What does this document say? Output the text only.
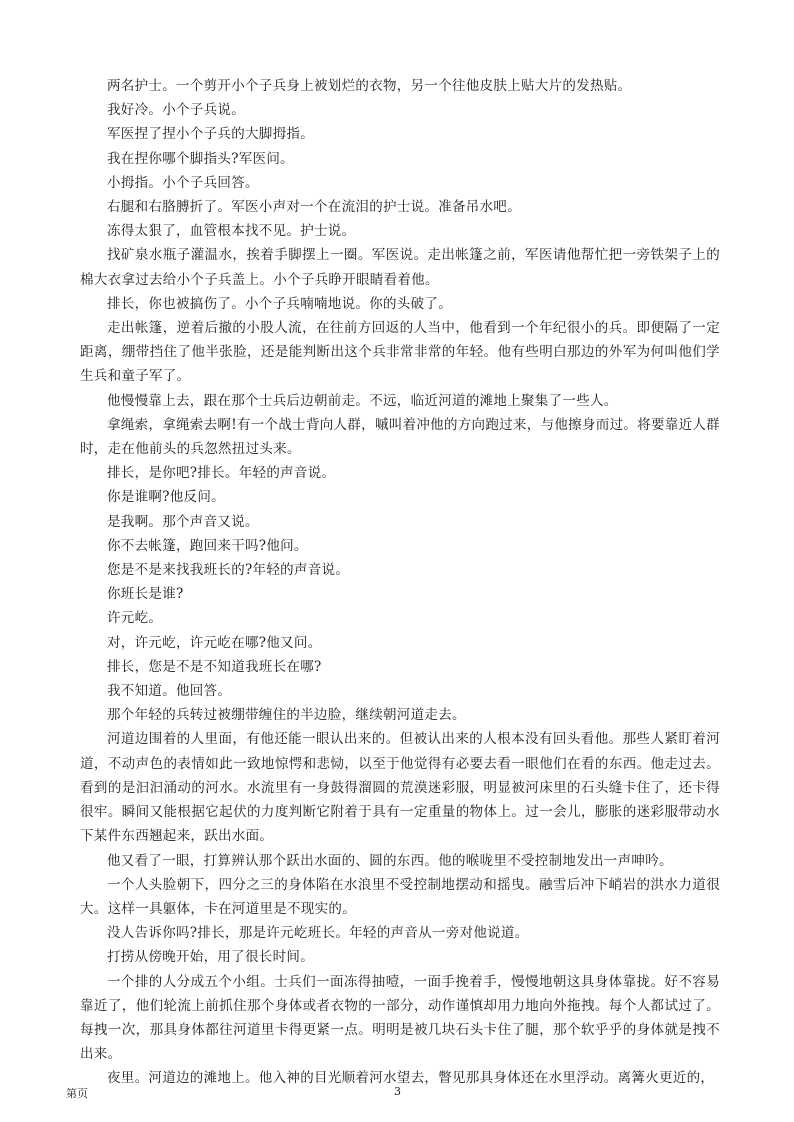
两名护士。一个剪开小个子兵身上被划烂的衣物，另一个往他皮肤上贴大片的发热贴。

我好冷。小个子兵说。

军医捏了捏小个子兵的大脚拇指。

我在捏你哪个脚指头?军医问。

小拇指。小个子兵回答。

右腿和右胳膊折了。军医小声对一个在流泪的护士说。准备吊水吧。

冻得太狠了，血管根本找不见。护士说。

找矿泉水瓶子灌温水，挨着手脚摆上一圈。军医说。走出帐篷之前，军医请他帮忙把一旁铁架子上的棉大衣拿过去给小个子兵盖上。小个子兵睁开眼睛看着他。

排长，你也被搞伤了。小个子兵喃喃地说。你的头破了。

走出帐篷，逆着后撤的小股人流，在往前方回返的人当中，他看到一个年纪很小的兵。即便隔了一定距离，绷带挡住了他半张脸，还是能判断出这个兵非常非常的年轻。他有些明白那边的外军为何叫他们学生兵和童子军了。

他慢慢靠上去，跟在那个士兵后边朝前走。不远，临近河道的滩地上聚集了一些人。

拿绳索，拿绳索去啊!有一个战士背向人群，嘁叫着冲他的方向跑过来，与他擦身而过。将要靠近人群时，走在他前头的兵忽然扭过头来。

排长，是你吧?排长。年轻的声音说。

你是谁啊?他反问。

是我啊。那个声音又说。

你不去帐篷，跑回来干吗?他问。

您是不是来找我班长的?年轻的声音说。

你班长是谁?

许元屹。

对，许元屹，许元屹在哪?他又问。

排长，您是不是不知道我班长在哪?

我不知道。他回答。

那个年轻的兵转过被绷带缠住的半边脸，继续朝河道走去。

河道边围着的人里面，有他还能一眼认出来的。但被认出来的人根本没有回头看他。那些人紧盯着河道，不动声色的表情如此一致地惊愕和悲恸，以至于他觉得有必要去看一眼他们在看的东西。他走过去。看到的是汩汩涌动的河水。水流里有一身鼓得溜圆的荒漠迷彩服，明显被河床里的石头缝卡住了，还卡得很牢。瞬间又能根据它起伏的力度判断它附着于具有一定重量的物体上。过一会儿，膨胀的迷彩服带动水下某件东西翘起来，跃出水面。

他又看了一眼，打算辨认那个跃出水面的、圆的东西。他的喉咙里不受控制地发出一声呻吟。

一个人头脸朝下，四分之三的身体陷在水浪里不受控制地摆动和摇曳。融雪后冲下峭岩的洪水力道很大。这样一具躯体，卡在河道里是不现实的。

没人告诉你吗?排长，那是许元屹班长。年轻的声音从一旁对他说道。

打捞从傍晚开始，用了很长时间。

一个排的人分成五个小组。士兵们一面冻得抽噎，一面手挽着手，慢慢地朝这具身体靠拢。好不容易靠近了，他们轮流上前抓住那个身体或者衣物的一部分，动作谨慎却用力地向外拖拽。每个人都试过了。每拽一次，那具身体都往河道里卡得更紧一点。明明是被几块石头卡住了腿，那个软乎乎的身体就是拽不出来。

夜里。河道边的滩地上。他入神的目光顺着河水望去，瞥见那具身体还在水里浮动。离篝火更近的，

第页	3
